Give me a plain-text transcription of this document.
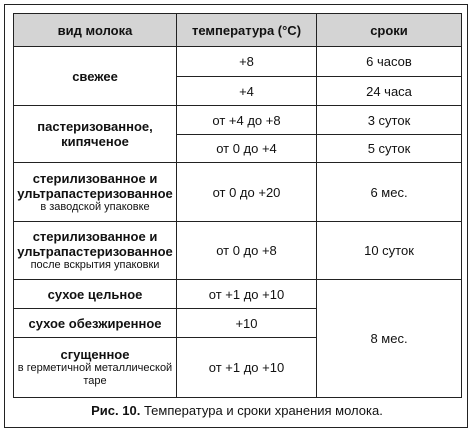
вид молока	температура (°С)	сроки
свежее	+8	6 часов
	+4	24 часа
пастеризованное, кипяченое	от +4 до +8	3 суток
	от 0 до +4	5 суток
стерилизованное и ультрапастеризованное
в заводской упаковке	от 0 до +20	6 мес.
стерилизованное и ультрапастеризованное
после вскрытия упаковки	от 0 до +8	10 суток
сухое цельное	от +1 до +10	8 мес.
сухое обезжиренное	+10	
сгущенное
в герметичной металлической таре	от +1 до +10	
Рис. 10. Температура и сроки хранения молока.
